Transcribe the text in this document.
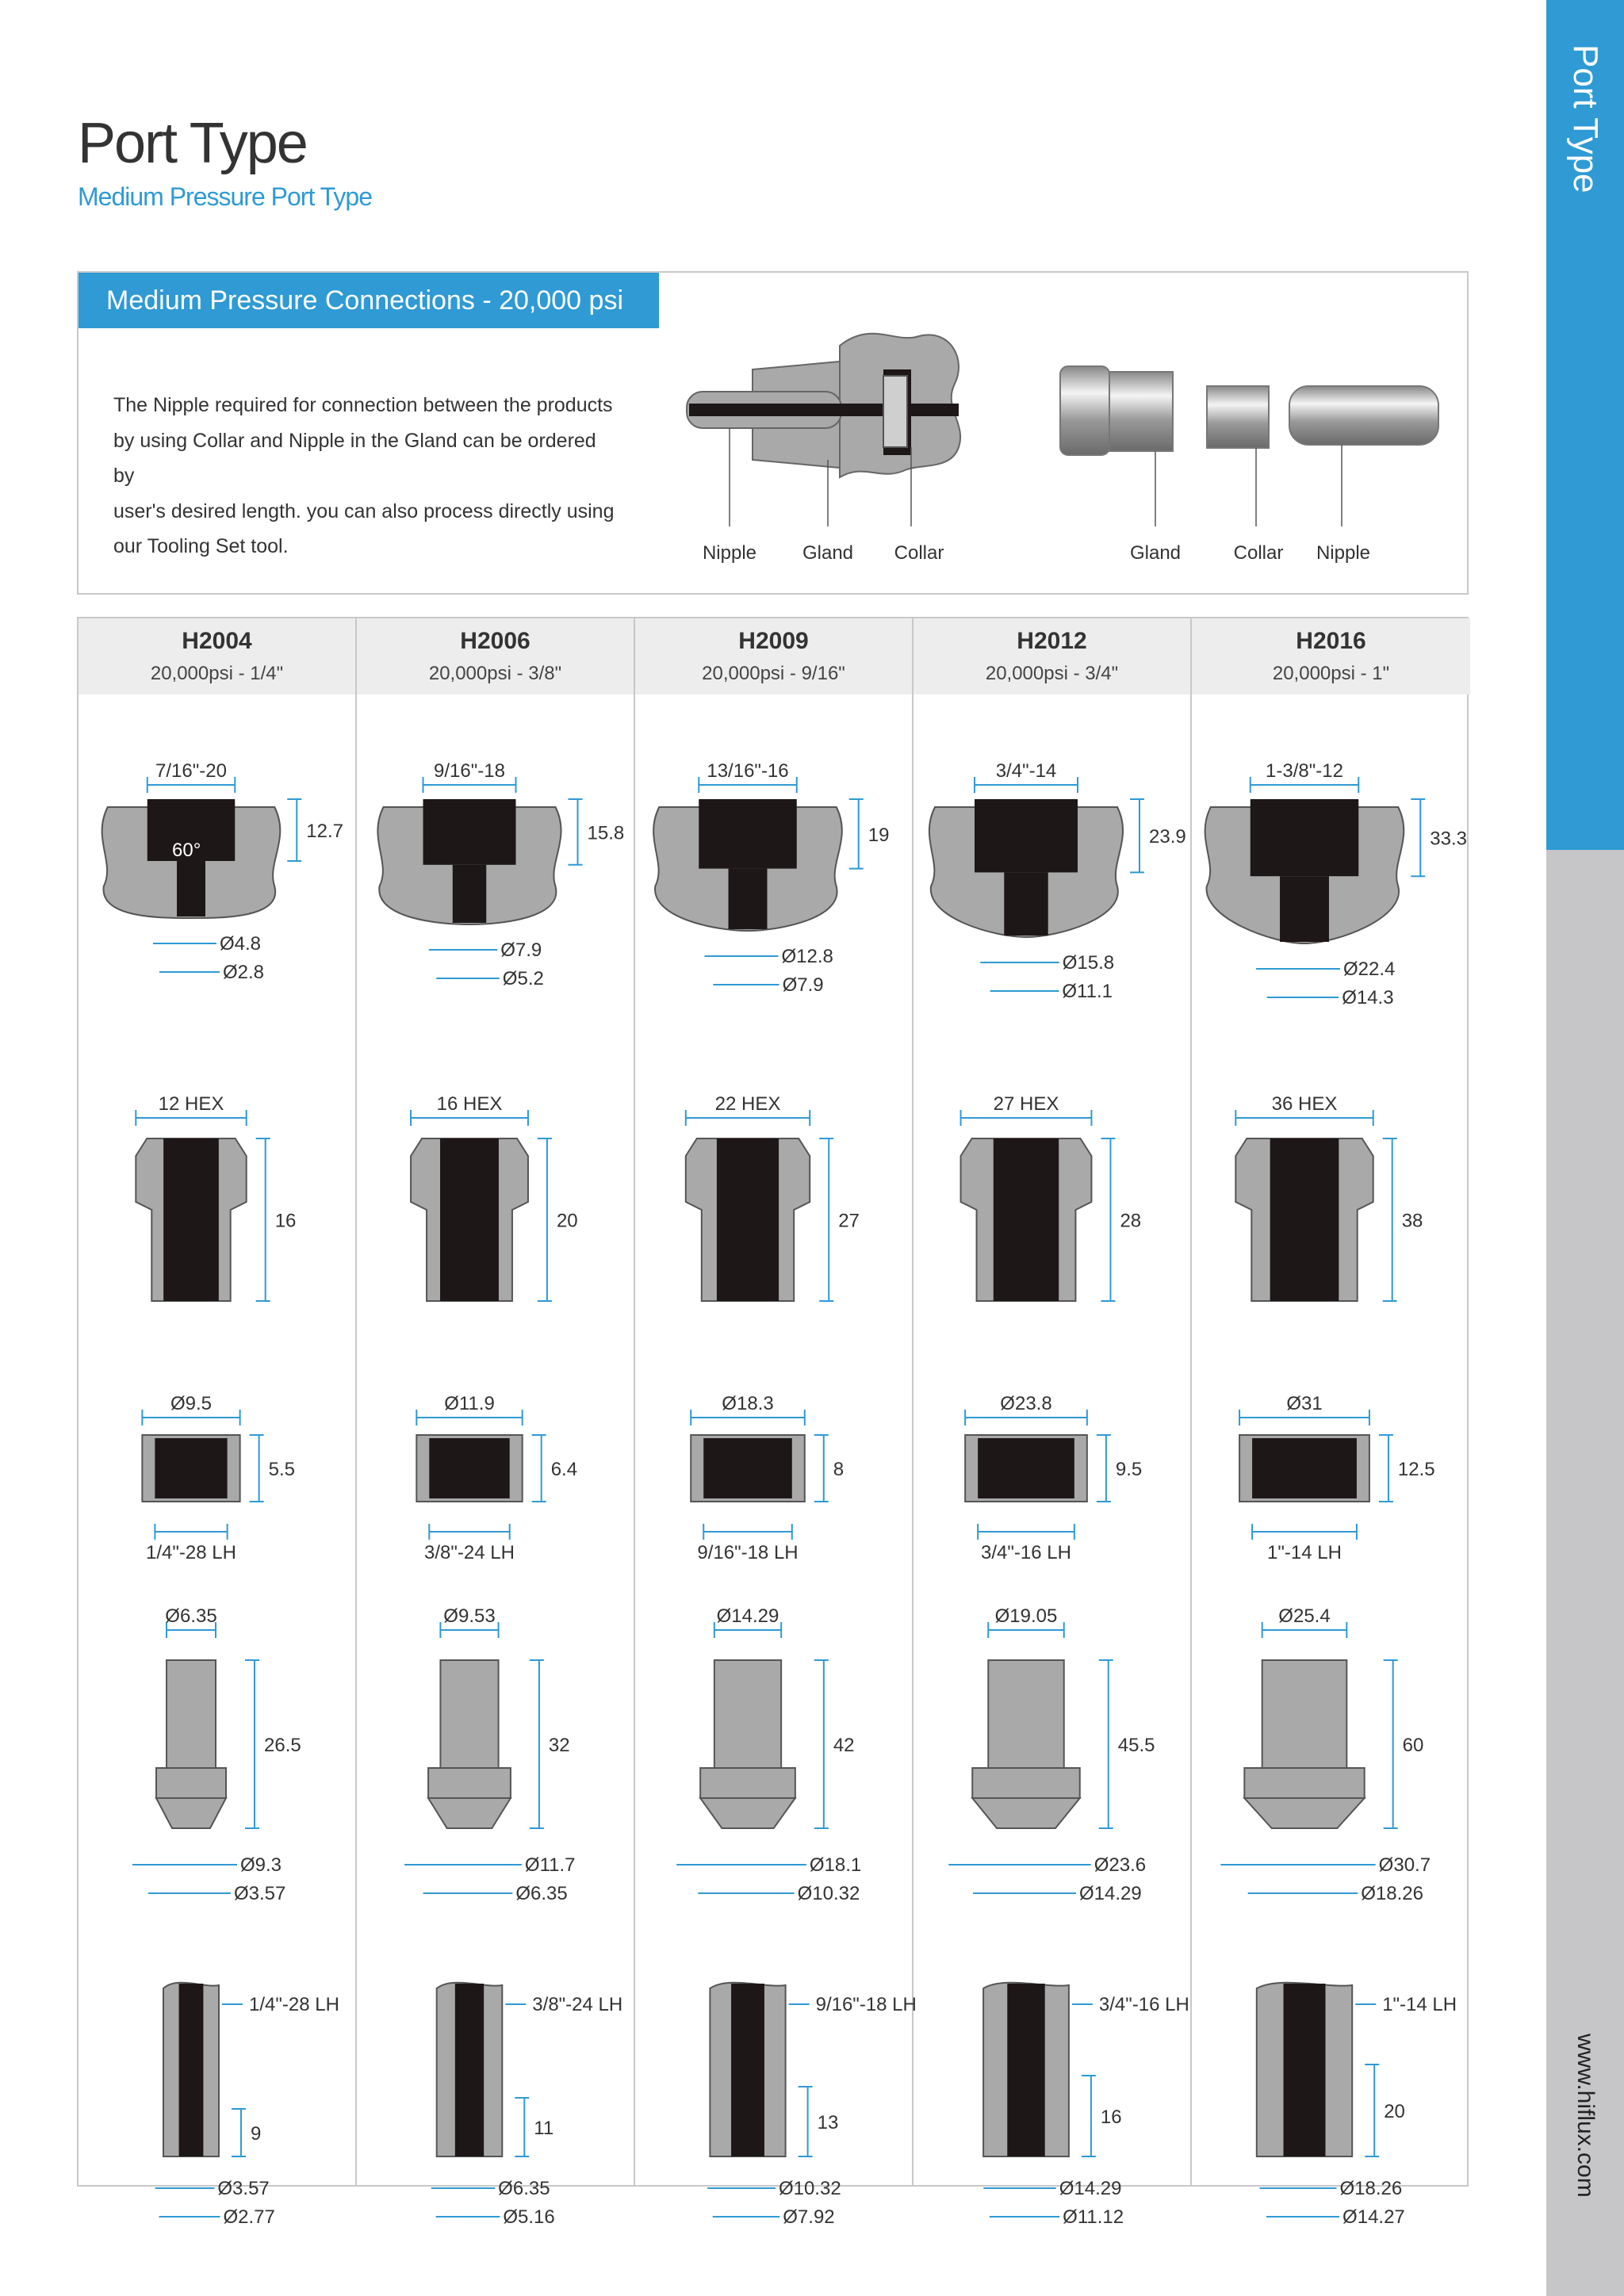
Port Type
www.hiflux.com
Port Type
Medium Pressure Port Type
Medium Pressure Connections - 20,000 psi
The Nipple required for connection between the products
by using Collar and Nipple in the Gland can be ordered by
user's desired length. you can also process directly using
our Tooling Set tool.	Nipple Gland Collar	Gland	Collar Nipple
H2004
20,000psi - 1/4"
7/16"-20
12.7
60°
Ø4.8
Ø2.8
12 HEX
16
Ø9.5
5.5
1/4"-28 LH
Ø6.35
26.5
Ø9.3
Ø3.57
1/4"-28 LH
9
Ø3.57
Ø2.77
H2006
20,000psi - 3/8"
9/16"-18
15.8
Ø7.9
Ø5.2
16 HEX
20
Ø11.9
6.4
3/8"-24 LH
Ø9.53
32
Ø11.7
Ø6.35
3/8"-24 LH
11
Ø6.35
Ø5.16
H2009
20,000psi - 9/16"
13/16"-16
19
Ø12.8
Ø7.9
22 HEX
27
Ø18.3
8
9/16"-18 LH
Ø14.29
42
Ø18.1
Ø10.32
9/16"-18 LH
13
Ø10.32
Ø7.92
H2012
20,000psi - 3/4"
3/4"-14
23.9
Ø15.8
Ø11.1
27 HEX
28
Ø23.8
9.5
3/4"-16 LH
Ø19.05
45.5
Ø23.6
Ø14.29
3/4"-16 LH
16
Ø14.29
Ø11.12
H2016
20,000psi - 1"
1-3/8"-12
33.3
Ø22.4
Ø14.3
36 HEX
38
Ø31
12.5
1"-14 LH
Ø25.4
60
Ø30.7
Ø18.26
1"-14 LH
20
Ø18.26
Ø14.27
